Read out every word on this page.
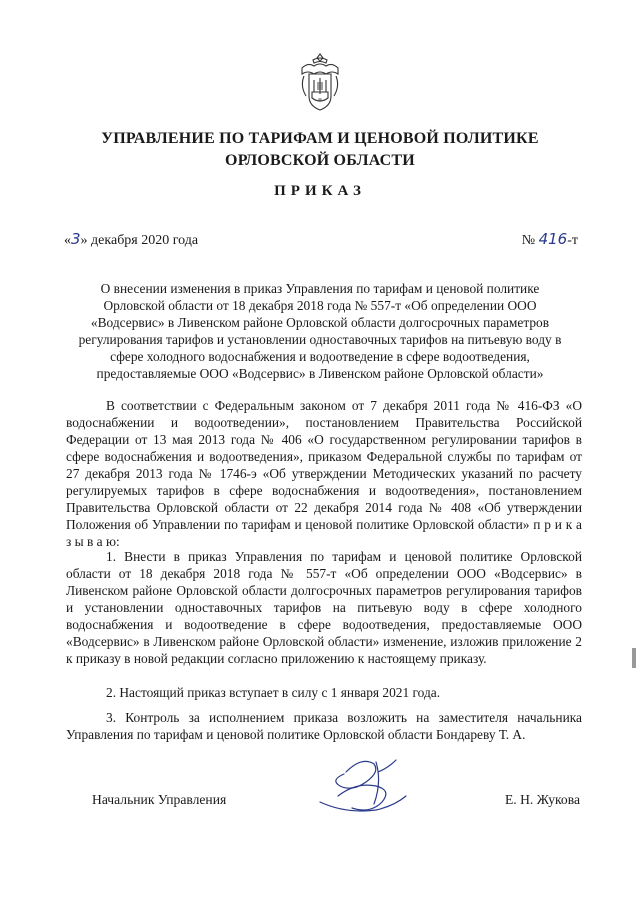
УПРАВЛЕНИЕ ПО ТАРИФАМ И ЦЕНОВОЙ ПОЛИТИКЕ
ОРЛОВСКОЙ ОБЛАСТИ
ПРИКАЗ
«3» декабря 2020 года	№ 416-т
О внесении изменения в приказ Управления по тарифам и ценовой политике Орловской области от 18 декабря 2018 года № 557-т «Об определении ООО «Водсервис» в Ливенском районе Орловской области долгосрочных параметров регулирования тарифов и установлении одноставочных тарифов на питьевую воду в сфере холодного водоснабжения и водоотведение в сфере водоотведения, предоставляемые ООО «Водсервис» в Ливенском районе Орловской области»
В соответствии с Федеральным законом от 7 декабря 2011 года № 416-ФЗ «О водоснабжении и водоотведении», постановлением Правительства Российской Федерации от 13 мая 2013 года № 406 «О государственном регулировании тарифов в сфере водоснабжения и водоотведения», приказом Федеральной службы по тарифам от 27 декабря 2013 года № 1746-э «Об утверждении Методических указаний по расчету регулируемых тарифов в сфере водоснабжения и водоотведения», постановлением Правительства Орловской области от 22 декабря 2014 года № 408 «Об утверждении Положения об Управлении по тарифам и ценовой политике Орловской области» п р и к а з ы в а ю:
1. Внести в приказ Управления по тарифам и ценовой политике Орловской области от 18 декабря 2018 года № 557-т «Об определении ООО «Водсервис» в Ливенском районе Орловской области долгосрочных параметров регулирования тарифов и установлении одноставочных тарифов на питьевую воду в сфере холодного водоснабжения и водоотведение в сфере водоотведения, предоставляемые ООО «Водсервис» в Ливенском районе Орловской области» изменение, изложив приложение 2 к приказу в новой редакции согласно приложению к настоящему приказу.
2. Настоящий приказ вступает в силу с 1 января 2021 года.
3. Контроль за исполнением приказа возложить на заместителя начальника Управления по тарифам и ценовой политике Орловской области Бондареву Т. А.
Начальник Управления	Е. Н. Жукова
